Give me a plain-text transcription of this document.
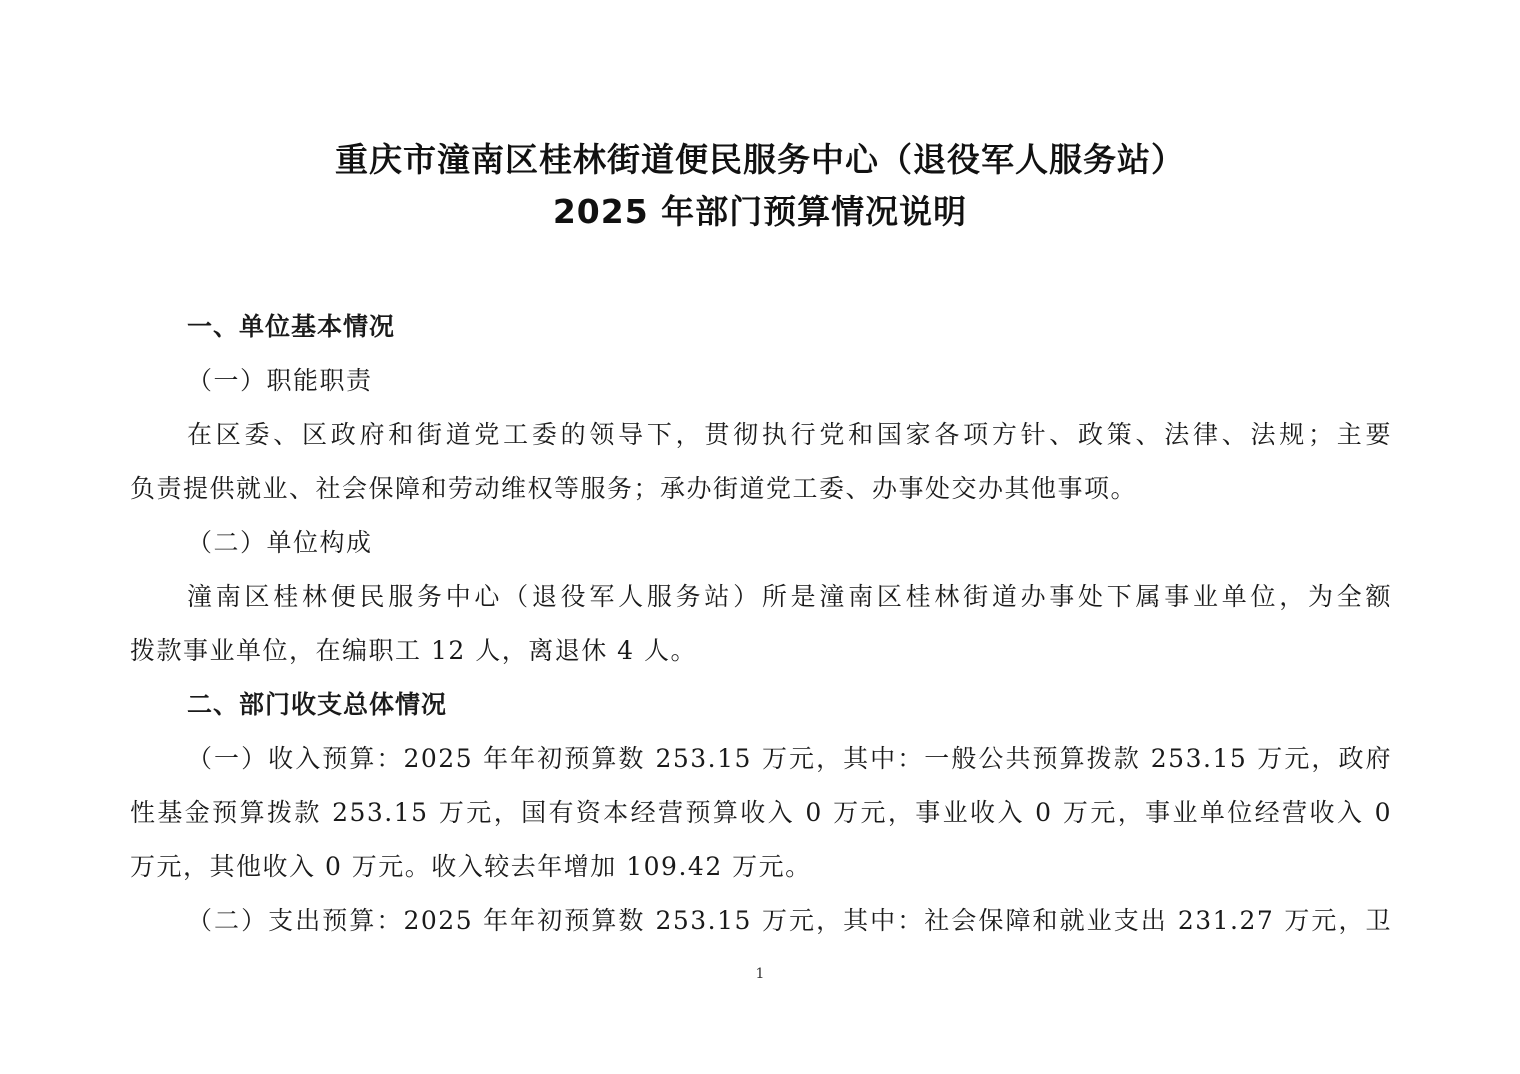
重庆市潼南区桂林街道便民服务中心（退役军人服务站）
2025 年部门预算情况说明
一、单位基本情况
（一）职能职责
在区委、区政府和街道党工委的领导下，贯彻执行党和国家各项方针、政策、法律、法规；主要
负责提供就业、社会保障和劳动维权等服务；承办街道党工委、办事处交办其他事项。
（二）单位构成
潼南区桂林便民服务中心（退役军人服务站）所是潼南区桂林街道办事处下属事业单位，为全额
拨款事业单位，在编职工 12 人，离退休 4 人。
二、部门收支总体情况
（一）收入预算：2025 年年初预算数 253.15 万元，其中：一般公共预算拨款 253.15 万元，政府
性基金预算拨款 253.15 万元，国有资本经营预算收入 0 万元，事业收入 0 万元，事业单位经营收入 0
万元，其他收入 0 万元。收入较去年增加 109.42 万元。
（二）支出预算：2025 年年初预算数 253.15 万元，其中：社会保障和就业支出 231.27 万元，卫
1
